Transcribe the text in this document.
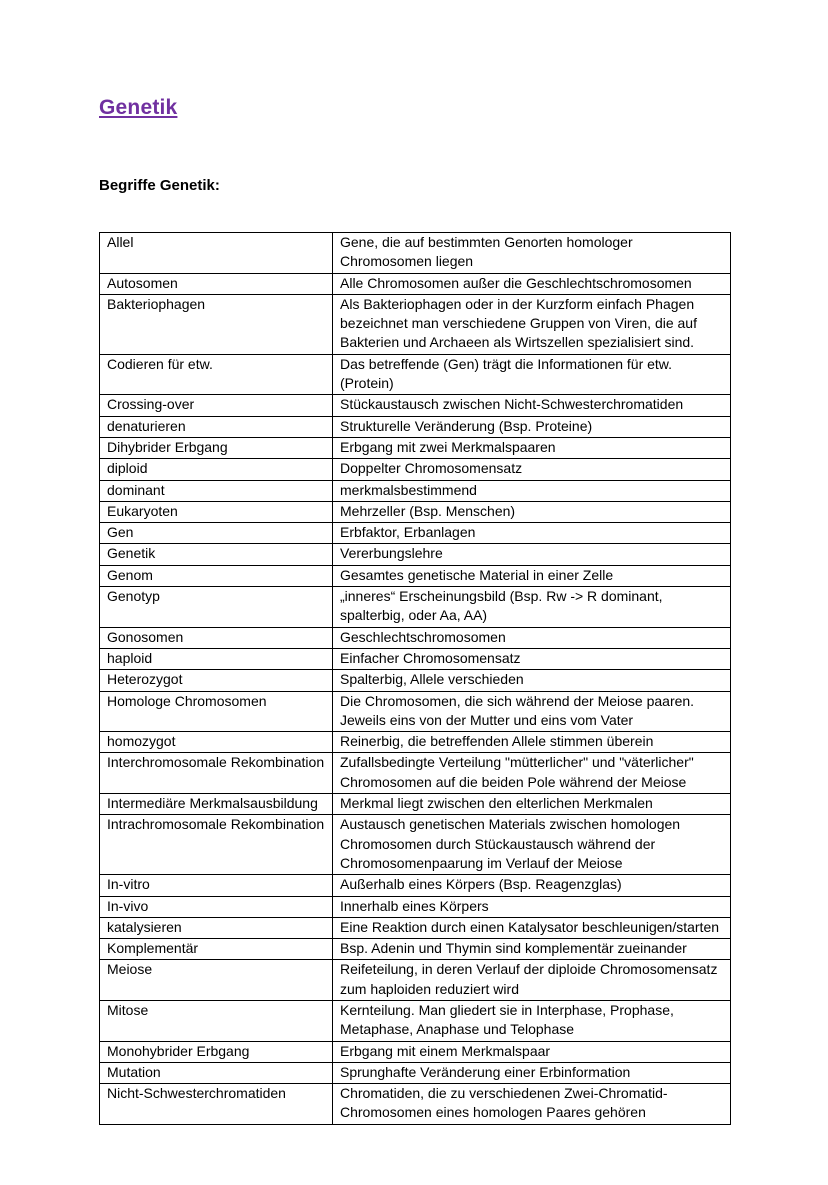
Genetik
Begriffe Genetik:
Allel	Gene, die auf bestimmten Genorten homologer Chromosomen liegen
Autosomen	Alle Chromosomen außer die Geschlechtschromosomen
Bakteriophagen	Als Bakteriophagen oder in der Kurzform einfach Phagen bezeichnet man verschiedene Gruppen von Viren, die auf Bakterien und Archaeen als Wirtszellen spezialisiert sind.
Codieren für etw.	Das betreffende (Gen) trägt die Informationen für etw. (Protein)
Crossing-over	Stückaustausch zwischen Nicht-Schwesterchromatiden
denaturieren	Strukturelle Veränderung (Bsp. Proteine)
Dihybrider Erbgang	Erbgang mit zwei Merkmalspaaren
diploid	Doppelter Chromosomensatz
dominant	merkmalsbestimmend
Eukaryoten	Mehrzeller (Bsp. Menschen)
Gen	Erbfaktor, Erbanlagen
Genetik	Vererbungslehre
Genom	Gesamtes genetische Material in einer Zelle
Genotyp	„inneres“ Erscheinungsbild (Bsp. Rw -> R dominant, spalterbig, oder Aa, AA)
Gonosomen	Geschlechtschromosomen
haploid	Einfacher Chromosomensatz
Heterozygot	Spalterbig, Allele verschieden
Homologe Chromosomen	Die Chromosomen, die sich während der Meiose paaren. Jeweils eins von der Mutter und eins vom Vater
homozygot	Reinerbig, die betreffenden Allele stimmen überein
Interchromosomale Rekombination	Zufallsbedingte Verteilung "mütterlicher" und "väterlicher" Chromosomen auf die beiden Pole während der Meiose
Intermediäre Merkmalsausbildung	Merkmal liegt zwischen den elterlichen Merkmalen
Intrachromosomale Rekombination	Austausch genetischen Materials zwischen homologen Chromosomen durch Stückaustausch während der Chromosomenpaarung im Verlauf der Meiose
In-vitro	Außerhalb eines Körpers (Bsp. Reagenzglas)
In-vivo	Innerhalb eines Körpers
katalysieren	Eine Reaktion durch einen Katalysator beschleunigen/starten
Komplementär	Bsp. Adenin und Thymin sind komplementär zueinander
Meiose	Reifeteilung, in deren Verlauf der diploide Chromosomensatz zum haploiden reduziert wird
Mitose	Kernteilung. Man gliedert sie in Interphase, Prophase, Metaphase, Anaphase und Telophase
Monohybrider Erbgang	Erbgang mit einem Merkmalspaar
Mutation	Sprunghafte Veränderung einer Erbinformation
Nicht-Schwesterchromatiden	Chromatiden, die zu verschiedenen Zwei-Chromatid-Chromosomen eines homologen Paares gehören
